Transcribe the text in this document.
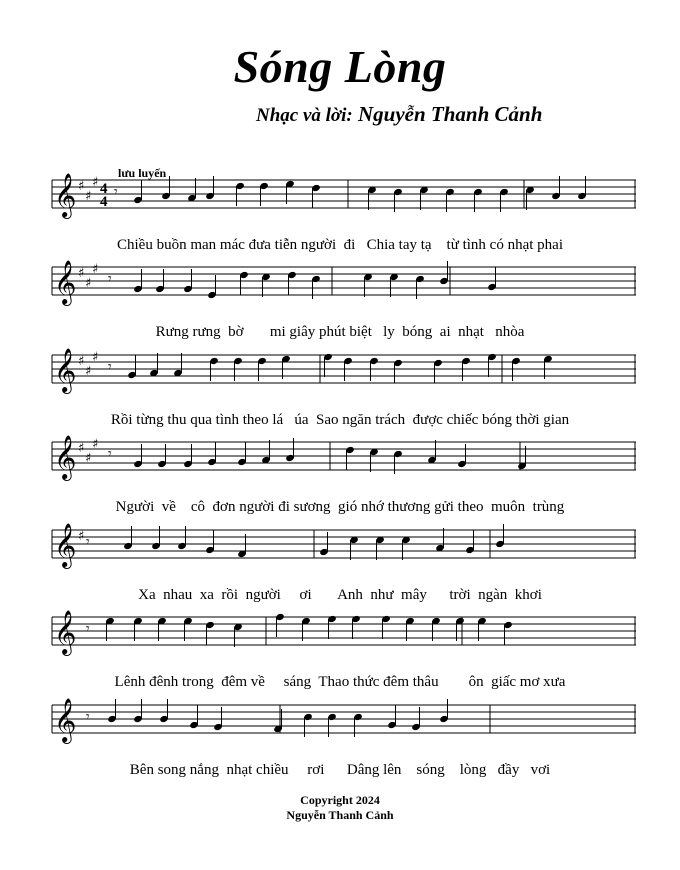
Sóng Lòng
Nhạc và lời: Nguyễn Thanh Cảnh
lưu luyến
𝄞 ♯
♯
♯ 4
4
𝄾
𝄞 ♯
♯
♯
𝄾
𝄞 ♯
♯
♯
𝄾
𝄞 ♯
♯
♯
𝄾
𝄞 ♯ 𝄾
𝄞 𝄾
𝄞 𝄾
Chiều buồn man mác đưa tiễn người  đi   Chia tay tạ    từ tình có nhạt phai
Rưng rưng  bờ       mi giây phút biệt   ly  bóng  ai  nhạt   nhòa
Rồi từng thu qua tình theo lá   úa  Sao ngăn trách  được chiếc bóng thời gian
Người  về    cô  đơn người đi sương  gió nhớ thương gửi theo  muôn  trùng
Xa  nhau  xa  rồi  người     ơi       Anh  như  mây      trời  ngàn  khơi
Lênh đênh trong  đêm về     sáng  Thao thức đêm thâu        ôn  giấc mơ xưa
Bên song nắng  nhạt chiều     rơi      Dâng lên    sóng    lòng   đầy   vơi
Copyright 2024
Nguyễn Thanh Cảnh
